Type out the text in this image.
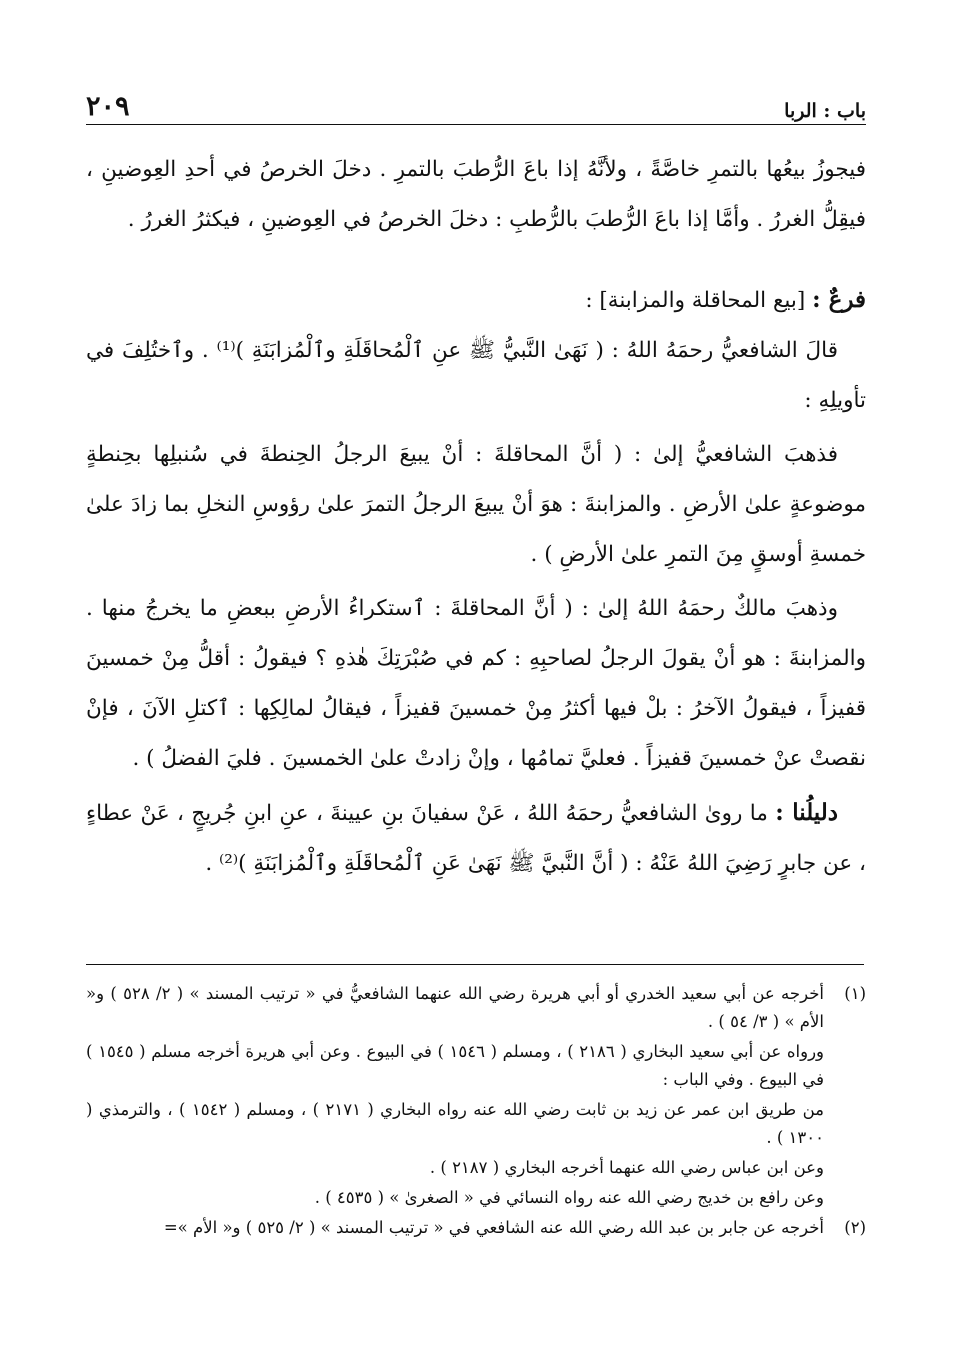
باب : الربا
٢٠٩

فيجوزُ بيعُها بالتمرِ خاصَّةً ، ولأنَّهُ إذا باعَ الرُّطبَ بالتمرِ . دخلَ الخرصُ في أحدِ العِوضينِ ، فيقِلُّ الغررُ . وأمَّا إذا باعَ الرُّطبَ بالرُّطبِ : دخلَ الخرصُ في العِوضينِ ، فيكثرُ الغررُ .

فرعٌ : [بيع المحاقلة والمزابنة] :

قالَ الشافعيُّ رحمَهُ اللهُ : ( نَهَىٰ النَّبيُّ ﷺ عنِ ٱلْمُحاقَلَةِ وٱلْمُزابَنَةِ )⁽¹⁾ . وٱختُلِفَ في تأويلِهِ :

فذهبَ الشافعيُّ إلىٰ : ( أنَّ المحاقلةَ : أنْ يبيعَ الرجلُ الحِنطةَ في سُنبلِها بحِنطةٍ موضوعةٍ علىٰ الأرضِ . والمزابنةَ : هوَ أنْ يبيعَ الرجلُ التمرَ علىٰ رؤوسِ النخلِ بما زادَ علىٰ خمسةِ أوسقٍ مِنَ التمرِ علىٰ الأرضِ ) .

وذهبَ مالكٌ رحمَهُ اللهُ إلىٰ : ( أنَّ المحاقلةَ : ٱستكراءُ الأرضِ ببعضِ ما يخرجُ منها . والمزابنةَ : هو أنْ يقولَ الرجلُ لصاحبِهِ : كم في صُبْرَتِكَ هٰذهِ ؟ فيقولُ : أقلُّ مِنْ خمسينَ قفيزاً ، فيقولُ الآخرُ : بلْ فيها أكثرُ مِنْ خمسينَ قفيزاً ، فيقالُ لمالِكِها : ٱكتلِ الآنَ ، فإنْ نقصتْ عنْ خمسينَ قفيزاً . فعليَّ تمامُها ، وإنْ زادتْ علىٰ الخمسينَ . فليَ الفضلُ ) .

دليلُنا : ما روىٰ الشافعيُّ رحمَهُ اللهُ ، عَنْ سفيانَ بنِ عيينةَ ، عنِ ابنِ جُريجٍ ، عَنْ عطاءٍ ، عن جابرٍ رَضِيَ اللهُ عَنْهُ : ( أنَّ النَّبيَّ ﷺ نَهَىٰ عَنِ ٱلْمُحاقَلَةِ وٱلْمُزابَنَةِ )⁽²⁾ .

(١)
أخرجه عن أبي سعيد الخدري أو أبي هريرة رضي الله عنهما الشافعيُّ في « ترتيب المسند » ( ٢/ ٥٢٨ ) و« الأم » ( ٣/ ٥٤ ) .
ورواه عن أبي سعيد البخاري ( ٢١٨٦ ) ، ومسلم ( ١٥٤٦ ) في البيوع . وعن أبي هريرة أخرجه مسلم ( ١٥٤٥ ) في البيوع . وفي الباب :
من طريق ابن عمر عن زيد بن ثابت رضي الله عنه رواه البخاري ( ٢١٧١ ) ، ومسلم ( ١٥٤٢ ) ، والترمذي ( ١٣٠٠ ) .
وعن ابن عباس رضي الله عنهما أخرجه البخاري ( ٢١٨٧ ) .
وعن رافع بن خديج رضي الله عنه رواه النسائي في « الصغرىٰ » ( ٤٥٣٥ ) .
(٢)
أخرجه عن جابر بن عبد الله رضي الله عنه الشافعي في « ترتيب المسند » ( ٢/ ٥٢٥ ) و« الأم »=
